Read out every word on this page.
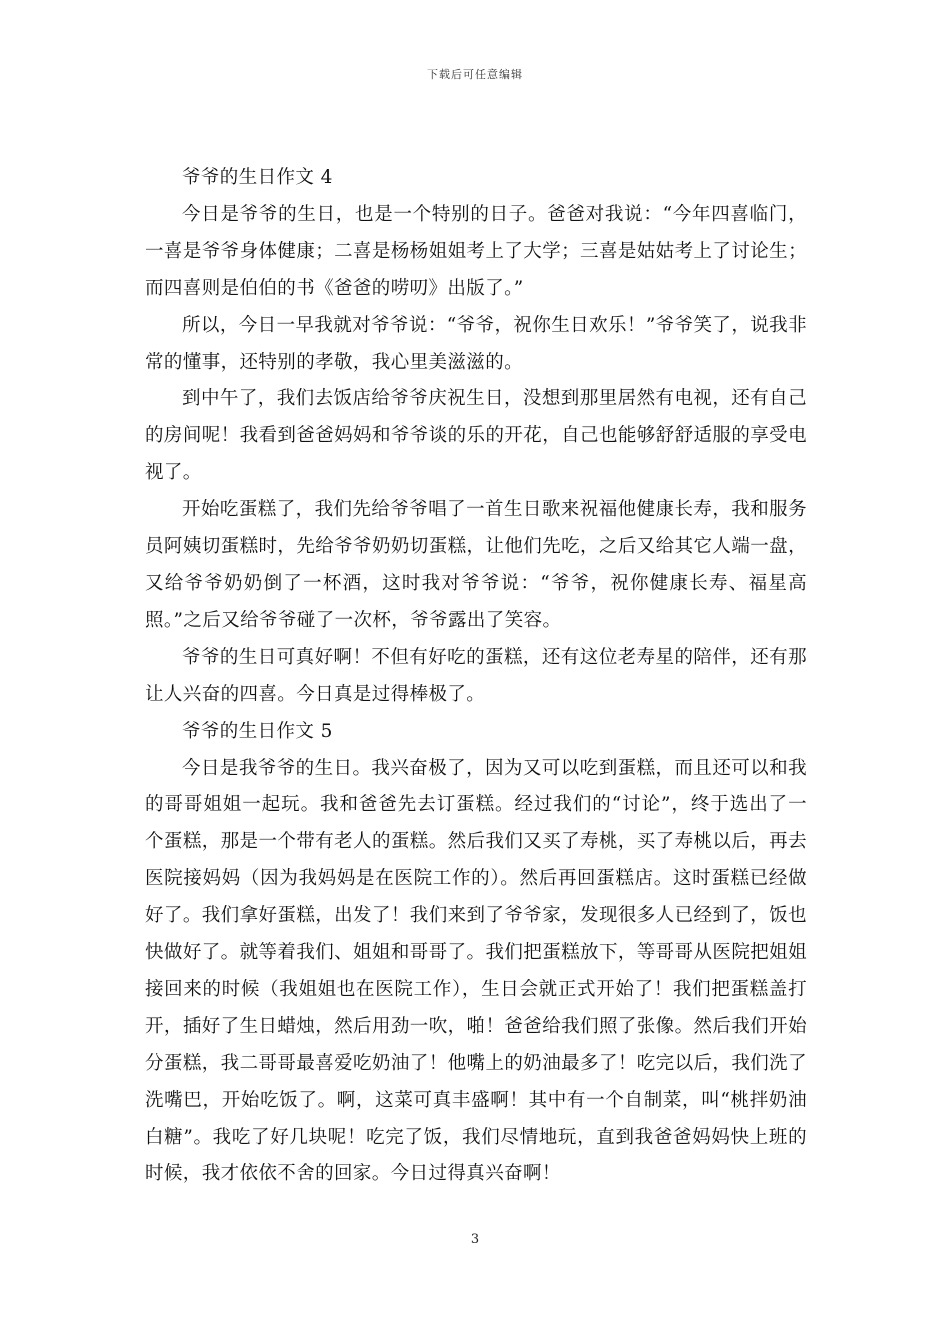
下载后可任意编辑

爷爷的生日作文 4

今日是爷爷的生日，也是一个特别的日子。爸爸对我说：“今年四喜临门，一喜是爷爷身体健康；二喜是杨杨姐姐考上了大学；三喜是姑姑考上了讨论生；而四喜则是伯伯的书《爸爸的唠叨》出版了。”

所以，今日一早我就对爷爷说：“爷爷，祝你生日欢乐！”爷爷笑了，说我非常的懂事，还特别的孝敬，我心里美滋滋的。

到中午了，我们去饭店给爷爷庆祝生日，没想到那里居然有电视，还有自己的房间呢！我看到爸爸妈妈和爷爷谈的乐的开花，自己也能够舒舒适服的享受电视了。

开始吃蛋糕了，我们先给爷爷唱了一首生日歌来祝福他健康长寿，我和服务员阿姨切蛋糕时，先给爷爷奶奶切蛋糕，让他们先吃，之后又给其它人端一盘，又给爷爷奶奶倒了一杯酒，这时我对爷爷说：“爷爷，祝你健康长寿、福星高照。”之后又给爷爷碰了一次杯，爷爷露出了笑容。

爷爷的生日可真好啊！不但有好吃的蛋糕，还有这位老寿星的陪伴，还有那让人兴奋的四喜。今日真是过得棒极了。

爷爷的生日作文 5

今日是我爷爷的生日。我兴奋极了，因为又可以吃到蛋糕，而且还可以和我的哥哥姐姐一起玩。我和爸爸先去订蛋糕。经过我们的“讨论”，终于选出了一个蛋糕，那是一个带有老人的蛋糕。然后我们又买了寿桃，买了寿桃以后，再去医院接妈妈（因为我妈妈是在医院工作的）。然后再回蛋糕店。这时蛋糕已经做好了。我们拿好蛋糕，出发了！我们来到了爷爷家，发现很多人已经到了，饭也快做好了。就等着我们、姐姐和哥哥了。我们把蛋糕放下，等哥哥从医院把姐姐接回来的时候（我姐姐也在医院工作），生日会就正式开始了！我们把蛋糕盖打开，插好了生日蜡烛，然后用劲一吹，啪！爸爸给我们照了张像。然后我们开始分蛋糕，我二哥哥最喜爱吃奶油了！他嘴上的奶油最多了！吃完以后，我们洗了洗嘴巴，开始吃饭了。啊，这菜可真丰盛啊！其中有一个自制菜，叫“桃拌奶油白糖”。我吃了好几块呢！吃完了饭，我们尽情地玩，直到我爸爸妈妈快上班的时候，我才依依不舍的回家。今日过得真兴奋啊！

3
